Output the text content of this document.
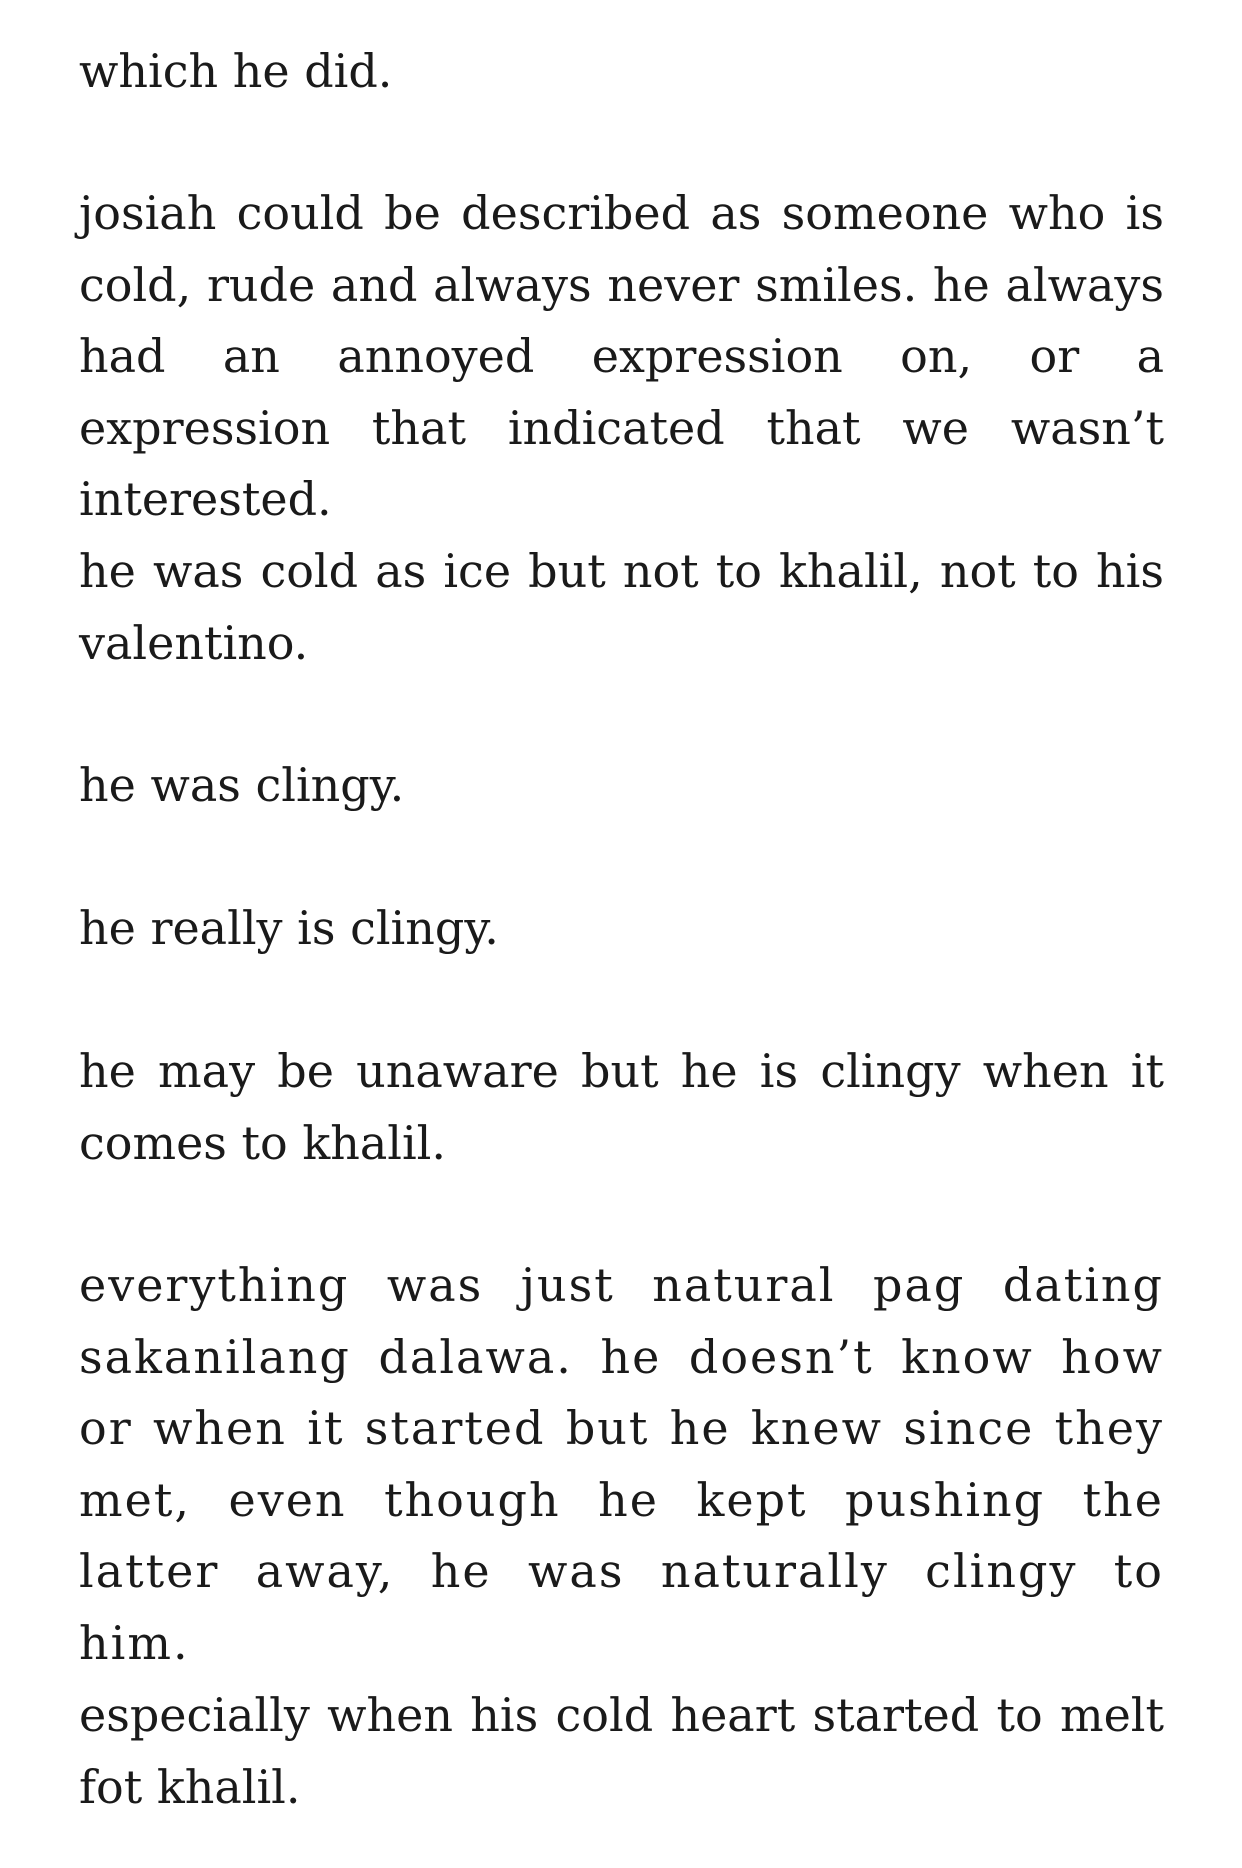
which he did.

josiah could be described as someone who is cold, rude and always never smiles. he always had an annoyed expression on, or a expression that indicated that we wasn’t interested.

he was cold as ice but not to khalil, not to his valentino.

he was clingy.

he really is clingy.

he may be unaware but he is clingy when it comes to khalil.

everything was just natural pag dating sakanilang dalawa. he doesn’t know how or when it started but he knew since they met, even though he kept pushing the latter away, he was naturally clingy to him.

especially when his cold heart started to melt fot khalil.
